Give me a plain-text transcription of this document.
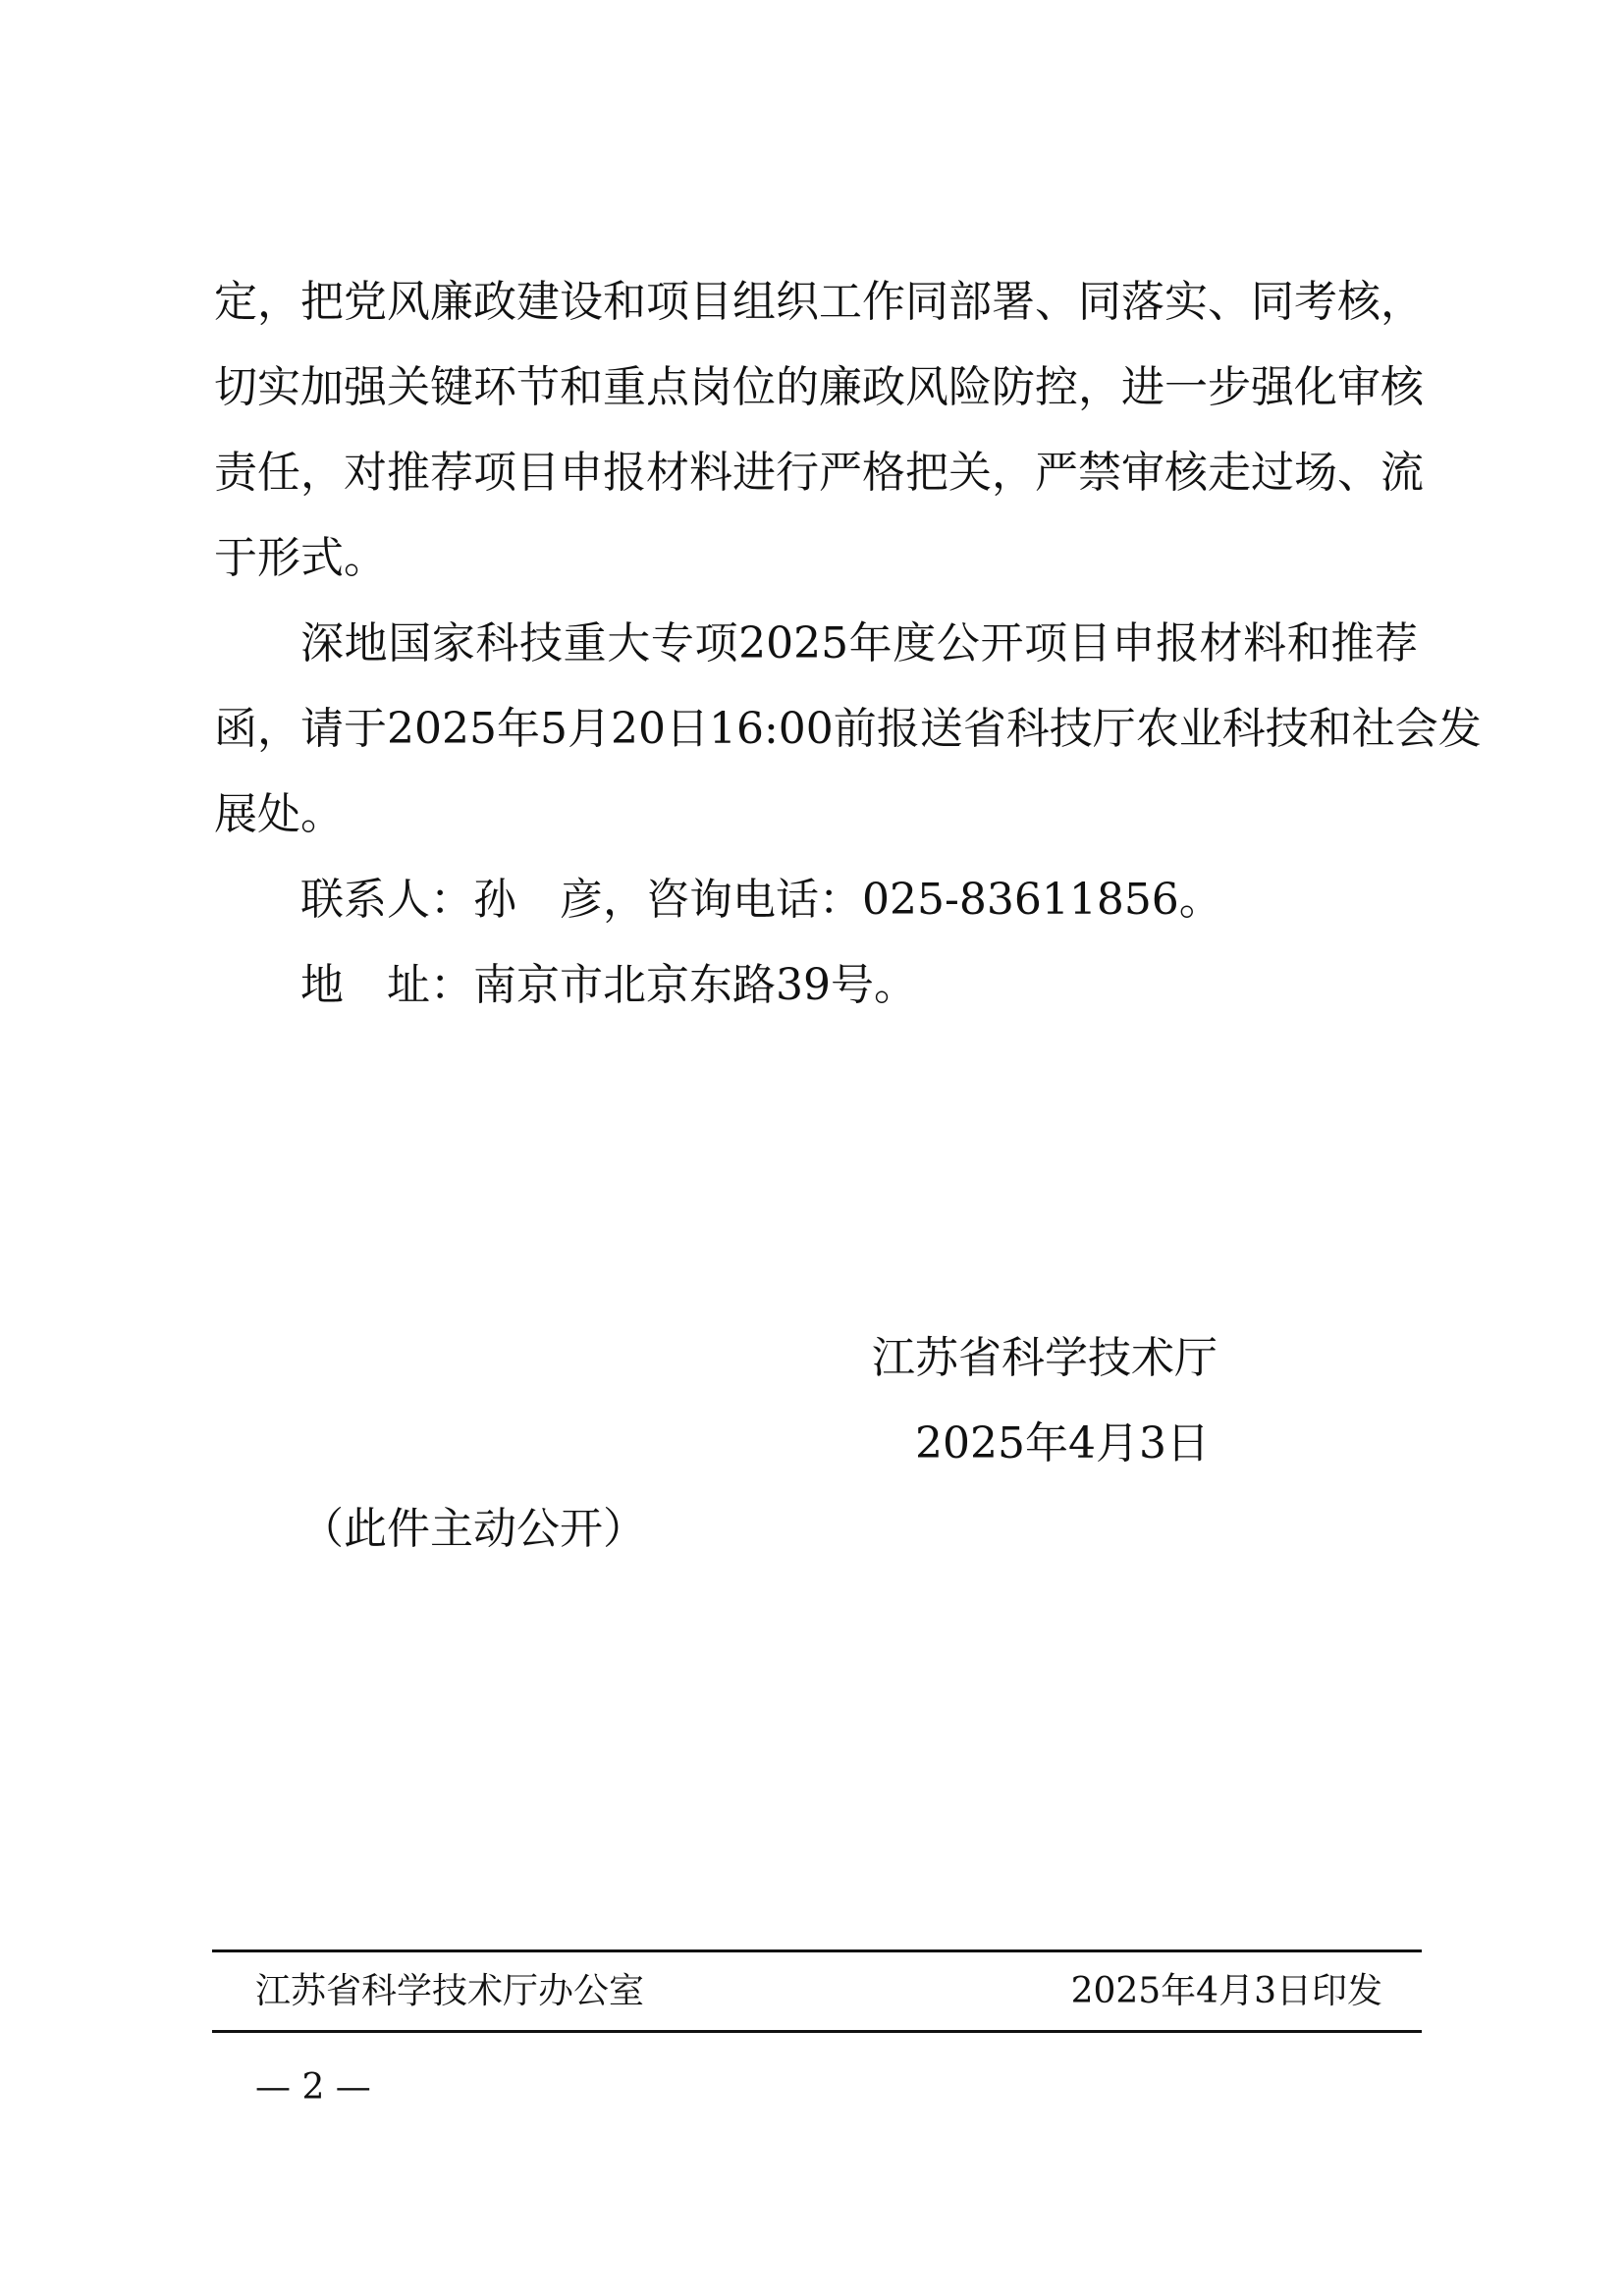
定，把党风廉政建设和项目组织工作同部署、同落实、同考核，
切实加强关键环节和重点岗位的廉政风险防控，进一步强化审核
责任，对推荐项目申报材料进行严格把关，严禁审核走过场、流
于形式。
深地国家科技重大专项2025年度公开项目申报材料和推荐
函，请于2025年5月20日16:00前报送省科技厅农业科技和社会发
展处。
联系人：孙　彦，咨询电话：025-83611856。
地　址：南京市北京东路39号。
江苏省科学技术厅
2025年4月3日
（此件主动公开）
江苏省科学技术厅办公室	2025年4月3日印发
— 2 —
